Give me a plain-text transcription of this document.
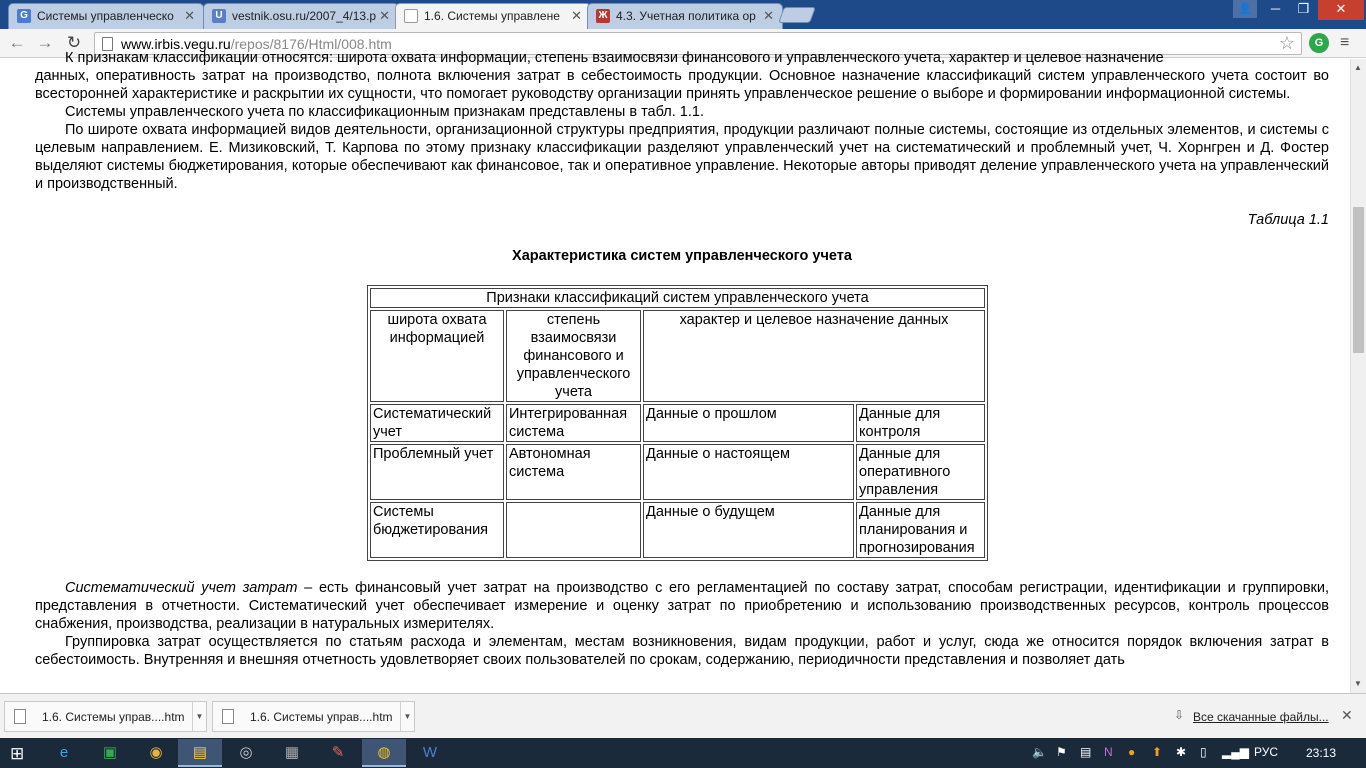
G Системы управленческо ✕	U vestnik.osu.ru/2007_4/13.p ✕	1.6. Системы управлене ✕ Ж 4.3. Учетная политика ор ✕	👤	─	❐	✕
← → ↻	www.irbis.vegu.ru/repos/8176/Html/008.htm	☆	G	≡

К признакам классификации относятся: широта охвата информации, степень взаимосвязи финансового и управленческого учета, характер и целевое назначение

данных, оперативность затрат на производство, полнота включения затрат в себестоимость продукции. Основное назначение классификаций систем управленческого учета состоит во всесторонней характеристике и раскрытии их сущности, что помогает руководству организации принять управленческое решение о выборе и формировании информационной системы.

Системы управленческого учета по классификационным признакам представлены в табл. 1.1.

По широте охвата информацией видов деятельности, организационной структуры предприятия, продукции различают полные системы, состоящие из отдельных элементов, и системы с целевым направлением. Е. Мизиковский, Т. Карпова по этому признаку классификации разделяют управленческий учет на систематический и проблемный учет, Ч. Хорнгрен и Д. Фостер выделяют системы бюджетирования, которые обеспечивают как финансовое, так и оперативное управление. Некоторые авторы приводят деление управленческого учета на управленческий и производственный.

Таблица 1.1
Характеристика систем управленческого учета
Признаки классификаций систем управленческого учета			
широта охвата информацией	степень взаимосвязи финансового и управленческого учета	характер и целевое назначение данных	
Систематический учет	Интегрированная система	Данные о прошлом	Данные для контроля
Проблемный учет	Автономная система	Данные о настоящем	Данные для оперативного управления
Системы бюджетирования		Данные о будущем	Данные для планирования и прогнозирования

Систематический учет затрат – есть финансовый учет затрат на производство с его регламентацией по составу затрат, способам регистрации, идентификации и группировки, представления в отчетности. Систематический учет обеспечивает измерение и оценку затрат по приобретению и использованию производственных ресурсов, контроль процессов снабжения, производства, реализации в натуральных измерителях.

Группировка затрат осуществляется по статьям расхода и элементам, местам возникновения, видам продукции, работ и услуг, сюда же относится порядок включения затрат в себестоимость. Внутренняя и внешняя отчетность удовлетворяет своих пользователей по срокам, содержанию, периодичности представления и позволяет дать

▲
▼
1.6. Системы управ....htm	▼	1.6. Системы управ....htm	▼	⇩ Все скачанные файлы... ✕
⊞	e	▣	◉	▤	◎	▦	✎	◍	W	🔈 ⚑ ▤ N ● ⬆ ✱ ▯ ▂▄▆ РУС 23:13
